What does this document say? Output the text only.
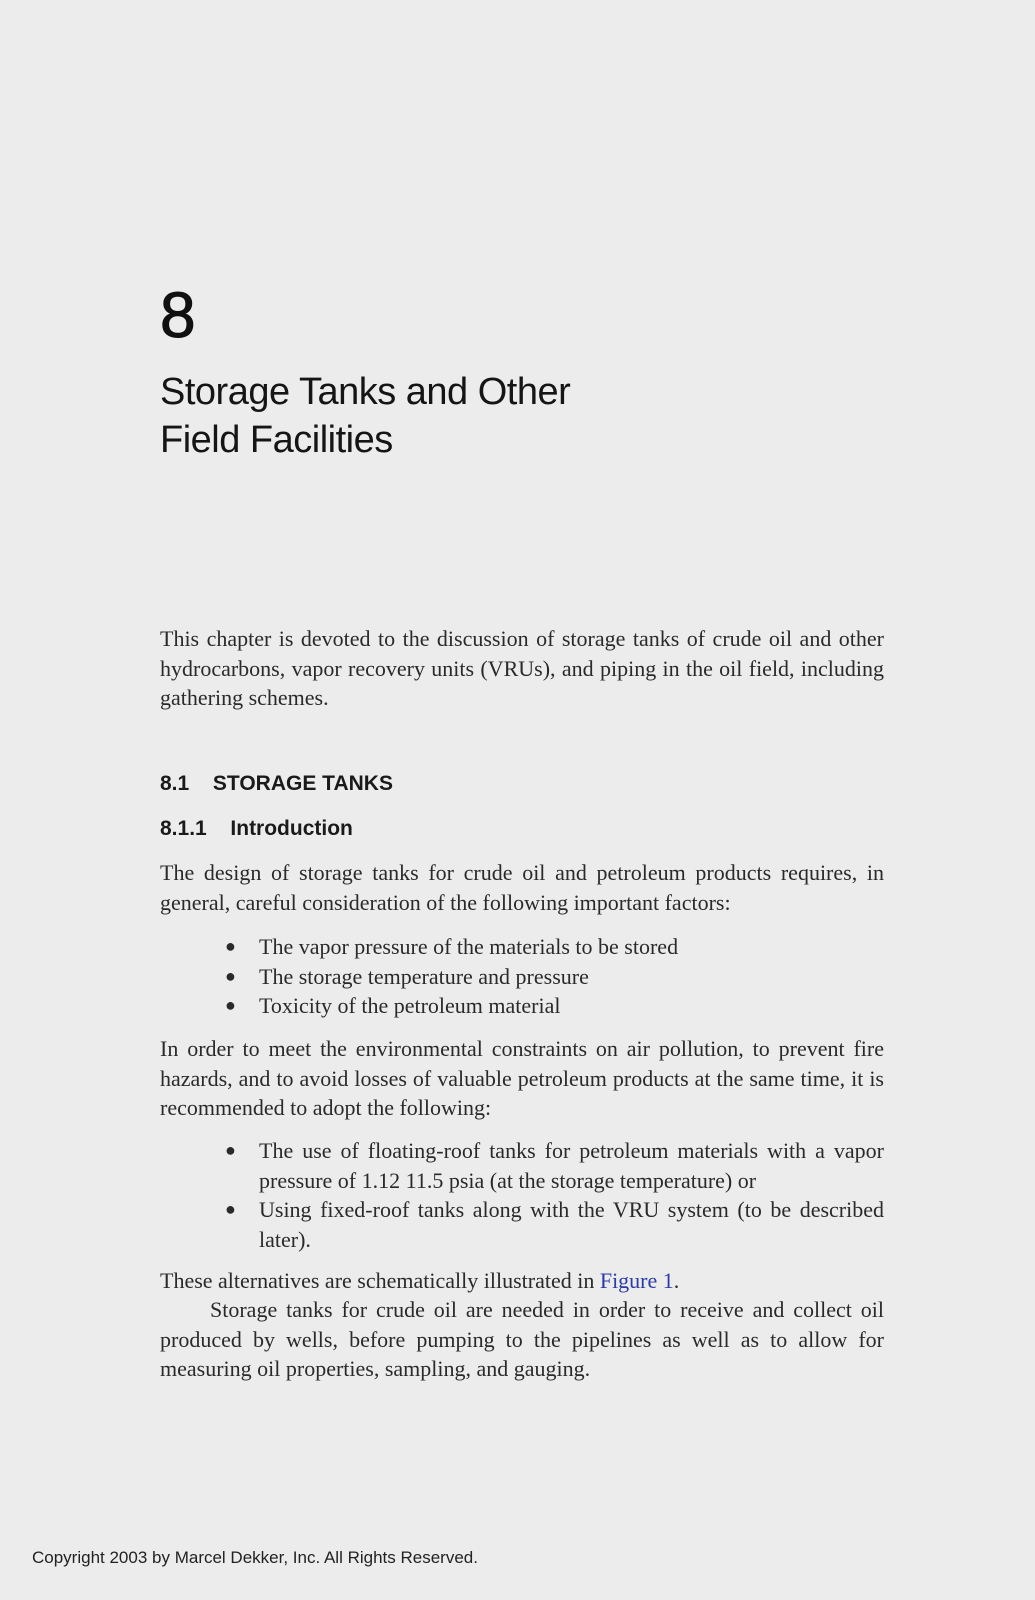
8
Storage Tanks and Other
Field Facilities

This chapter is devoted to the discussion of storage tanks of crude oil and other hydrocarbons, vapor recovery units (VRUs), and piping in the oil field, including gathering schemes.

8.1 STORAGE TANKS
8.1.1 Introduction

The design of storage tanks for crude oil and petroleum products requires, in general, careful consideration of the following important factors:

● The vapor pressure of the materials to be stored
● The storage temperature and pressure
● Toxicity of the petroleum material

In order to meet the environmental constraints on air pollution, to prevent fire hazards, and to avoid losses of valuable petroleum products at the same time, it is recommended to adopt the following:

● The use of floating-roof tanks for petroleum materials with a vapor pressure of 1.12 11.5 psia (at the storage temperature) or
● Using fixed-roof tanks along with the VRU system (to be described later).

These alternatives are schematically illustrated in Figure 1.

Storage tanks for crude oil are needed in order to receive and collect oil produced by wells, before pumping to the pipelines as well as to allow for measuring oil properties, sampling, and gauging.

Copyright 2003 by Marcel Dekker, Inc. All Rights Reserved.
